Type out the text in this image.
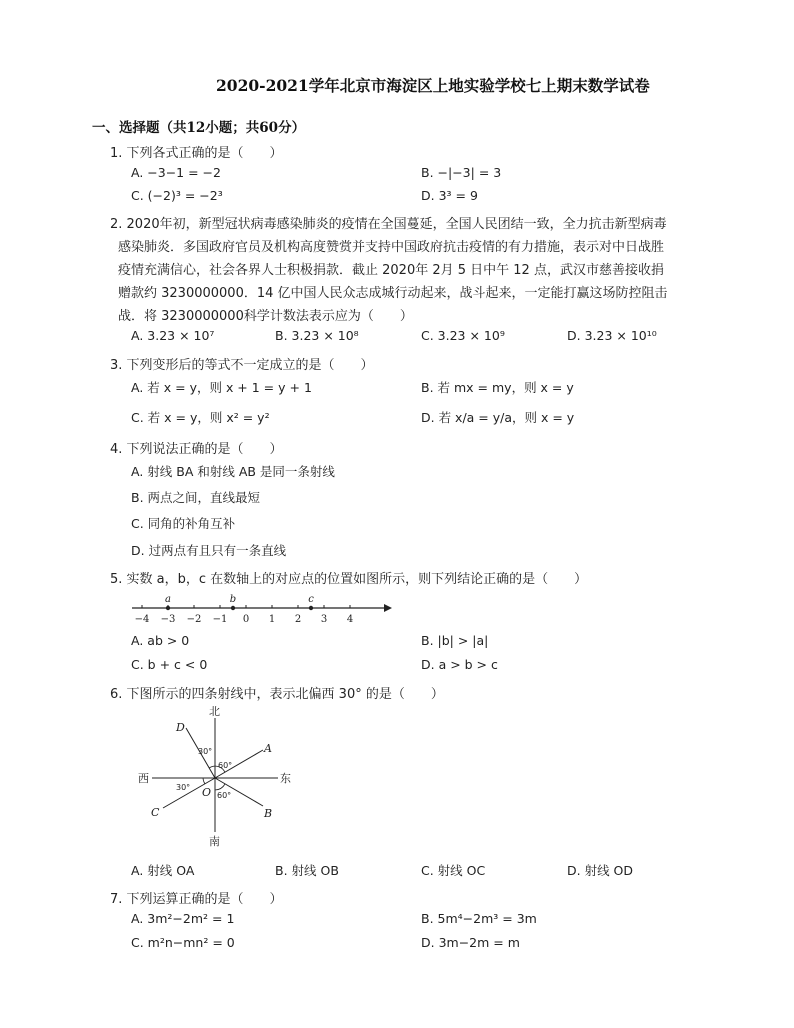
2020-2021学年北京市海淀区上地实验学校七上期末数学试卷
一、选择题（共12小题；共60分）
1. 下列各式正确的是（　　）
A. −3−1 = −2	B. −|−3| = 3
C. (−2)³ = −2³	D. 3³ = 9
2. 2020年初，新型冠状病毒感染肺炎的疫情在全国蔓延，全国人民团结一致，全力抗击新型病毒
感染肺炎．多国政府官员及机构高度赞赏并支持中国政府抗击疫情的有力措施，表示对中日战胜
疫情充满信心，社会各界人士积极捐款．截止 2020年 2月 5 日中午 12 点，武汉市慈善接收捐
赠款约 3230000000．14 亿中国人民众志成城行动起来，战斗起来，一定能打赢这场防控阻击
战．将 3230000000科学计数法表示应为（　　）
A. 3.23 × 10⁷	B. 3.23 × 10⁸	C. 3.23 × 10⁹	D. 3.23 × 10¹⁰
3. 下列变形后的等式不一定成立的是（　　）
A. 若 x = y，则 x + 1 = y + 1	B. 若 mx = my，则 x = y
C. 若 x = y，则 x² = y²	D. 若 x/a = y/a，则 x = y
4. 下列说法正确的是（　　）
A. 射线 BA 和射线 AB 是同一条射线
B. 两点之间，直线最短
C. 同角的补角互补
D. 过两点有且只有一条直线
5. 实数 a，b，c 在数轴上的对应点的位置如图所示，则下列结论正确的是（　　）
−4 −3 −2 −1 0 1 2 3 4
a	b	c
A. ab > 0	B. |b| > |a|
C. b + c < 0	D. a > b > c
6. 下图所示的四条射线中，表示北偏西 30° 的是（　　）
北
南
西	东
A
B
C
D
O
30°
60°
30°
60°
A. 射线 OA	B. 射线 OB	C. 射线 OC	D. 射线 OD
7. 下列运算正确的是（　　）
A. 3m²−2m² = 1	B. 5m⁴−2m³ = 3m
C. m²n−mn² = 0	D. 3m−2m = m
